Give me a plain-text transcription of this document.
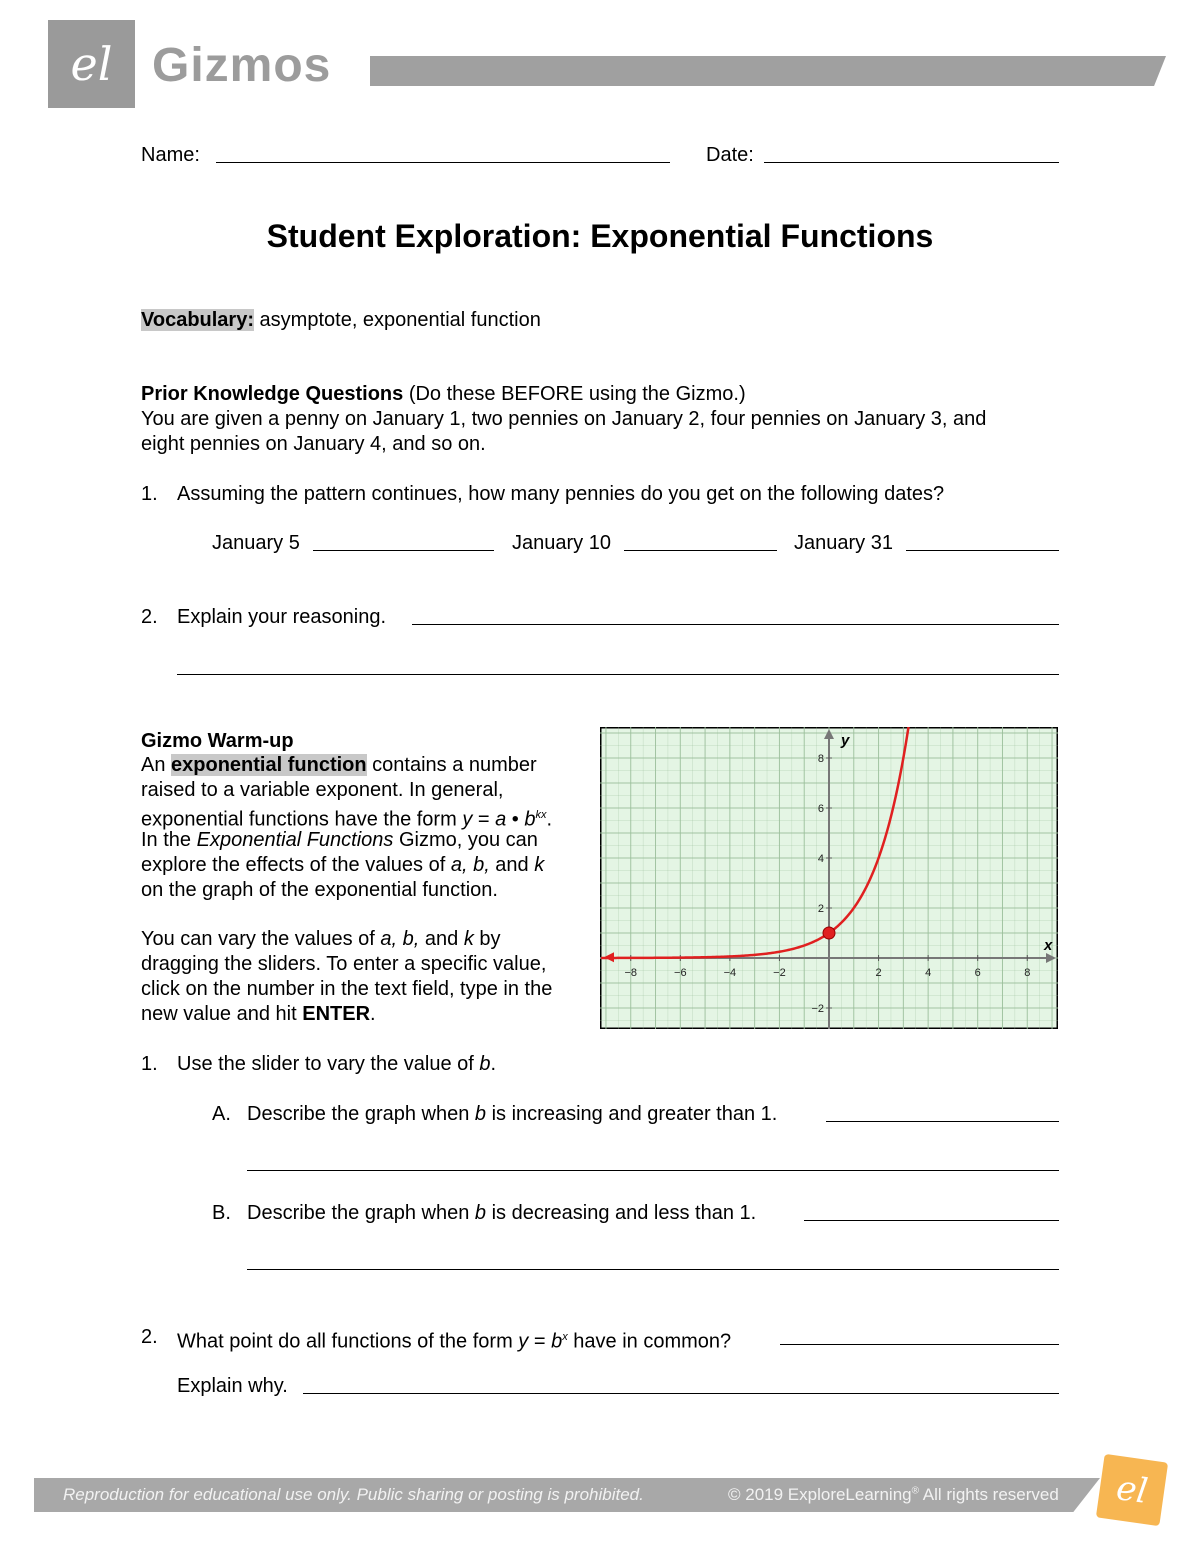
el Gizmos
Name:	Date:
Student Exploration: Exponential Functions
Vocabulary: asymptote, exponential function
Prior Knowledge Questions (Do these BEFORE using the Gizmo.)
You are given a penny on January 1, two pennies on January 2, four pennies on January 3, and
eight pennies on January 4, and so on.
1. Assuming the pattern continues, how many pennies do you get on the following dates?
January 5	January 10	January 31
2. Explain your reasoning.
Gizmo Warm-up
An exponential function contains a number
raised to a variable exponent. In general,
exponential functions have the form y = a • $b^{kx}$.
In the Exponential Functions Gizmo, you can
explore the effects of the values of a, b, and k
on the graph of the exponential function.
You can vary the values of a, b, and k by
dragging the sliders. To enter a specific value,
click on the number in the text field, type in the
new value and hit ENTER.
x
y
−8	−6	−4	−2	2	4	6	8
−2
2
4
6
8
1. Use the slider to vary the value of b.
A. Describe the graph when b is increasing and greater than 1.
B. Describe the graph when b is decreasing and less than 1.
2. What point do all functions of the form $y = b^x$ have in common?
Explain why.
Reproduction for educational use only. Public sharing or posting is prohibited.	© 2019 ExploreLearning® All rights reserved	el
